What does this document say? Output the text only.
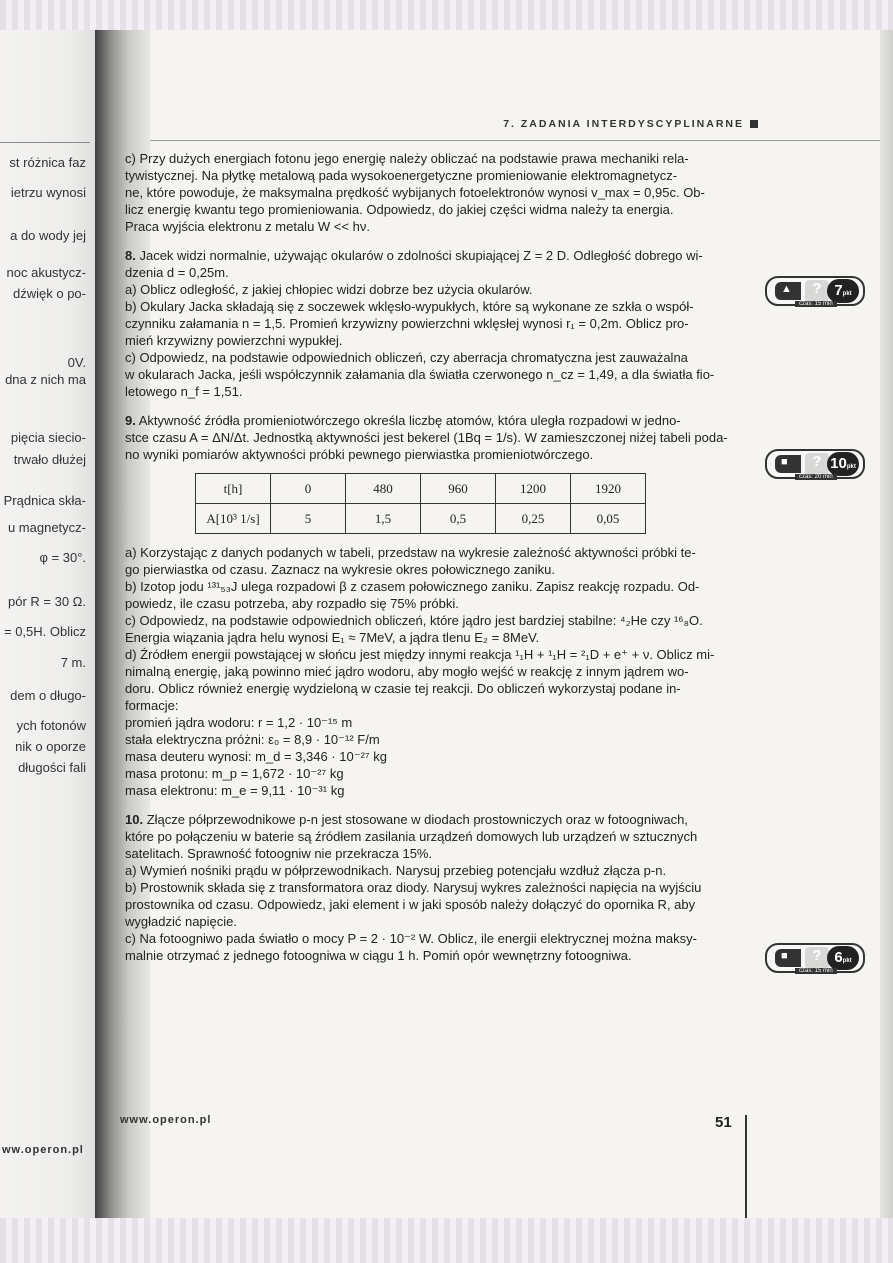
st różnica faz
ietrzu wynosi
a do wody jej
noc akustycz-
dźwięk o po-
0V.
dna z nich ma
pięcia siecio-
trwało dłużej
Prądnica skła-
u magnetycz-
φ = 30°.
pór R = 30 Ω.
= 0,5H. Oblicz
7 m.
dem o długo-
ych fotonów
nik o oporze
długości fali
ww.operon.pl
7. ZADANIA INTERDYSCYPLINARNE

c) Przy dużych energiach fotonu jego energię należy obliczać na podstawie prawa mechaniki rela-

tywistycznej. Na płytkę metalową pada wysokoenergetyczne promieniowanie elektromagnetycz-

ne, które powoduje, że maksymalna prędkość wybijanych fotoelektronów wynosi v_max = 0,95c. Ob-

licz energię kwantu tego promieniowania. Odpowiedz, do jakiej części widma należy ta energia.

Praca wyjścia elektronu z metalu W << hν.

8. Jacek widzi normalnie, używając okularów o zdolności skupiającej Z = 2 D. Odległość dobrego wi-

dzenia d = 0,25m.

a) Oblicz odległość, z jakiej chłopiec widzi dobrze bez użycia okularów.

b) Okulary Jacka składają się z soczewek wklęsło-wypukłych, które są wykonane ze szkła o współ-

czynniku załamania n = 1,5. Promień krzywizny powierzchni wklęsłej wynosi r₁ = 0,2m. Oblicz pro-

mień krzywizny powierzchni wypukłej.

c) Odpowiedz, na podstawie odpowiednich obliczeń, czy aberracja chromatyczna jest zauważalna

w okularach Jacka, jeśli współczynnik załamania dla światła czerwonego n_cz = 1,49, a dla światła fio-

letowego n_f = 1,51.

9. Aktywność źródła promieniotwórczego określa liczbę atomów, która uległa rozpadowi w jedno-

stce czasu A = ΔN/Δt. Jednostką aktywności jest bekerel (1Bq = 1/s). W zamieszczonej niżej tabeli poda-

no wyniki pomiarów aktywności próbki pewnego pierwiastka promieniotwórczego.

t[h]	0	480	960	1200	1920
A[10³ 1/s]	5	1,5	0,5	0,25	0,05

a) Korzystając z danych podanych w tabeli, przedstaw na wykresie zależność aktywności próbki te-

go pierwiastka od czasu. Zaznacz na wykresie okres połowicznego zaniku.

b) Izotop jodu ¹³¹₅₃J ulega rozpadowi β z czasem połowicznego zaniku. Zapisz reakcję rozpadu. Od-

powiedz, ile czasu potrzeba, aby rozpadło się 75% próbki.

c) Odpowiedz, na podstawie odpowiednich obliczeń, które jądro jest bardziej stabilne: ⁴₂He czy ¹⁶₈O.

Energia wiązania jądra helu wynosi E₁ ≈ 7MeV, a jądra tlenu E₂ = 8MeV.

d) Źródłem energii powstającej w słońcu jest między innymi reakcja ¹₁H + ¹₁H = ²₁D + e⁺ + ν. Oblicz mi-

nimalną energię, jaką powinno mieć jądro wodoru, aby mogło wejść w reakcję z innym jądrem wo-

doru. Oblicz również energię wydzieloną w czasie tej reakcji. Do obliczeń wykorzystaj podane in-

formacje:

promień jądra wodoru: r = 1,2 · 10⁻¹⁵ m

stała elektryczna próżni: ε₀ = 8,9 · 10⁻¹² F/m

masa deuteru wynosi: m_d = 3,346 · 10⁻²⁷ kg

masa protonu: m_p = 1,672 · 10⁻²⁷ kg

masa elektronu: m_e = 9,11 · 10⁻³¹ kg

10. Złącze półprzewodnikowe p-n jest stosowane w diodach prostowniczych oraz w fotoogniwach,

które po połączeniu w baterie są źródłem zasilania urządzeń domowych lub urządzeń w sztucznych

satelitach. Sprawność fotoogniw nie przekracza 15%.

a) Wymień nośniki prądu w półprzewodnikach. Narysuj przebieg potencjału wzdłuż złącza p-n.

b) Prostownik składa się z transformatora oraz diody. Narysuj wykres zależności napięcia na wyjściu

prostownika od czasu. Odpowiedz, jaki element i w jaki sposób należy dołączyć do opornika R, aby

wygładzić napięcie.

c) Na fotoogniwo pada światło o mocy P = 2 · 10⁻² W. Oblicz, ile energii elektrycznej można maksy-

malnie otrzymać z jednego fotoogniwa w ciągu 1 h. Pomiń opór wewnętrzny fotoogniwa.

▲	? 7pkt
czas: 15 min
■	? 10pkt
czas: 20 min
■	? 6pkt
czas: 15 min
www.operon.pl	51
